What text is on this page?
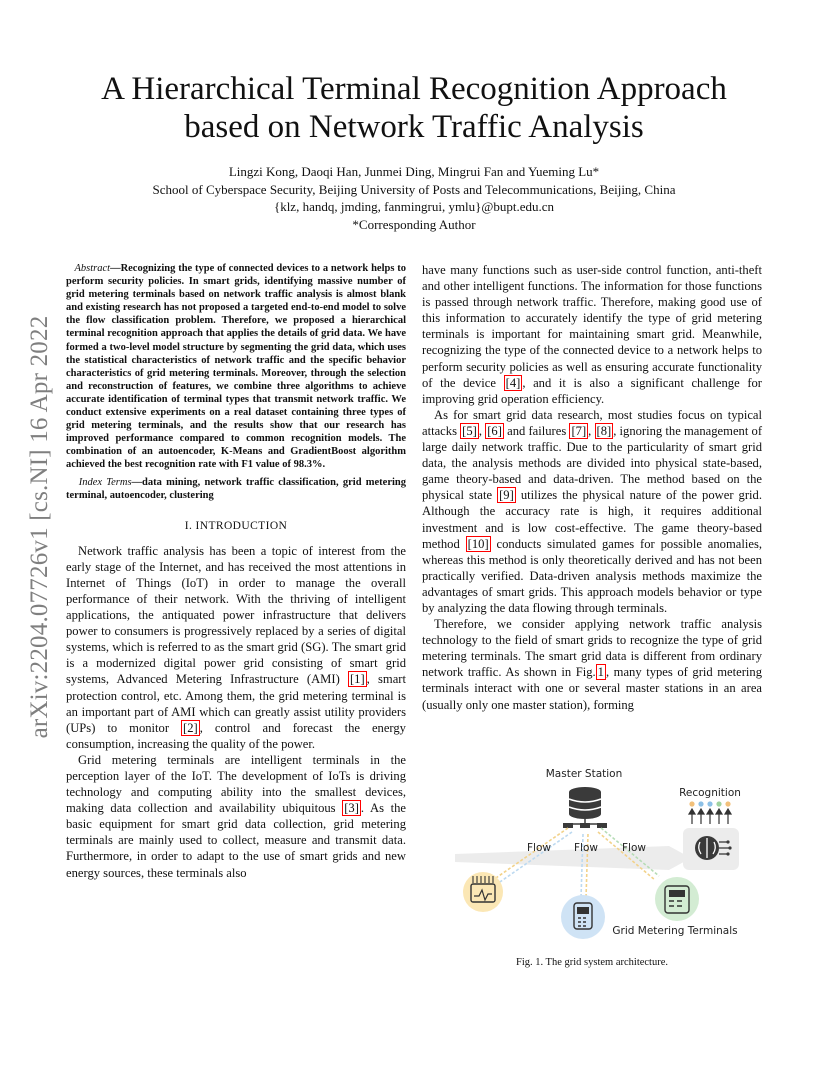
arXiv:2204.07726v1 [cs.NI] 16 Apr 2022
A Hierarchical Terminal Recognition Approach
based on Network Traffic Analysis
Lingzi Kong, Daoqi Han, Junmei Ding, Mingrui Fan and Yueming Lu*
School of Cyberspace Security, Beijing University of Posts and Telecommunications, Beijing, China
{klz, handq, jmding, fanmingrui, ymlu}@bupt.edu.cn
*Corresponding Author

Abstract—Recognizing the type of connected devices to a network helps to perform security policies. In smart grids, identifying massive number of grid metering terminals based on network traffic analysis is almost blank and existing research has not proposed a targeted end-to-end model to solve the flow classification problem. Therefore, we proposed a hierarchical terminal recognition approach that applies the details of grid data. We have formed a two-level model structure by segmenting the grid data, which uses the statistical characteristics of network traffic and the specific behavior characteristics of grid metering terminals. Moreover, through the selection and reconstruction of features, we combine three algorithms to achieve accurate identification of terminal types that transmit network traffic. We conduct extensive experiments on a real dataset containing three types of grid metering terminals, and the results show that our research has improved performance compared to common recognition models. The combination of an autoencoder, K-Means and GradientBoost algorithm achieved the best recognition rate with F1 value of 98.3%.

Index Terms—data mining, network traffic classification, grid metering terminal, autoencoder, clustering

I. INTRODUCTION

Network traffic analysis has been a topic of interest from the early stage of the Internet, and has received the most attentions in Internet of Things (IoT) in order to manage the overall performance of their network. With the thriving of intelligent applications, the antiquated power infrastructure that delivers power to consumers is progressively replaced by a series of digital systems, which is referred to as the smart grid (SG). The smart grid is a modernized digital power grid consisting of smart grid systems, Advanced Metering Infrastructure (AMI) [1] , smart protection control, etc. Among them, the grid metering terminal is an important part of AMI which can greatly assist utility providers (UPs) to monitor [2] , control and forecast the energy consumption, increasing the quality of the power.

Grid metering terminals are intelligent terminals in the perception layer of the IoT. The development of IoTs is driving technology and computing ability into the smallest devices, making data collection and availability ubiquitous [3] . As the basic equipment for smart grid data collection, grid metering terminals are mainly used to collect, measure and transmit data. Furthermore, in order to adapt to the use of smart grids and new energy sources, these terminals also

have many functions such as user-side control function, anti-theft and other intelligent functions. The information for those functions is passed through network traffic. Therefore, making good use of this information to accurately identify the type of grid metering terminals is important for maintaining smart grid. Meanwhile, recognizing the type of the connected device to a network helps to perform security policies as well as ensuring accurate functionality of the device [4] , and it is also a significant challenge for improving grid operation efficiency.

As for smart grid data research, most studies focus on typical attacks [5] , [6] and failures [7] , [8] , ignoring the management of large daily network traffic. Due to the particularity of smart grid data, the analysis methods are divided into physical state-based, game theory-based and data-driven. The method based on the physical state [9] utilizes the physical nature of the power grid. Although the accuracy rate is high, it requires additional investment and is low cost-effective. The game theory-based method [10] conducts simulated games for possible anomalies, whereas this method is only theoretically derived and has not been practically verified. Data-driven analysis methods maximize the advantages of smart grids. This approach models behavior or type by analyzing the data flowing through terminals.

Therefore, we consider applying network traffic analysis technology to the field of smart grids to recognize the type of grid metering terminals. The smart grid data is different from ordinary network traffic. As shown in Fig. 1 , many types of grid metering terminals interact with one or several master stations in an area (usually only one master station), forming

Master Station
Flow Flow Flow
Recognition
Grid Metering Terminals
Fig. 1. The grid system architecture.
